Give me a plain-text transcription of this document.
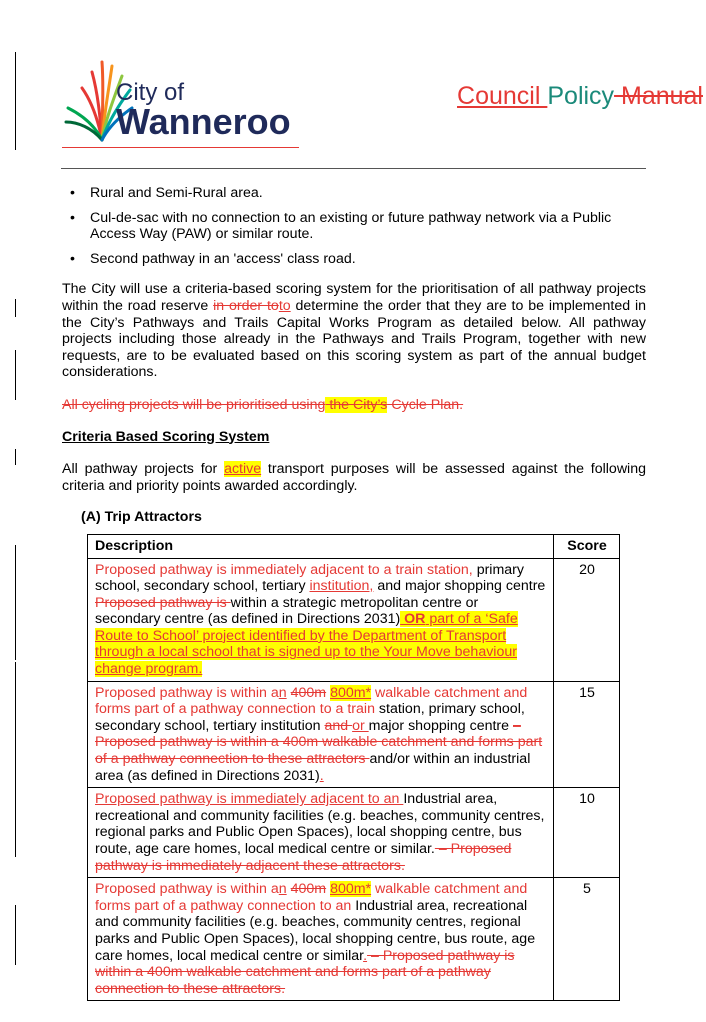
City of
Wanneroo
Council Policy Manual
• Rural and Semi-Rural area.
• Cul-de-sac with no connection to an existing or future pathway network via a Public Access Way (PAW) or similar route.
• Second pathway in an 'access' class road.

The City will use a criteria-based scoring system for the prioritisation of all pathway projects within the road reserve in order toto determine the order that they are to be implemented in the City’s Pathways and Trails Capital Works Program as detailed below. All pathway projects including those already in the Pathways and Trails Program, together with new requests, are to be evaluated based on this scoring system as part of the annual budget considerations.

All cycling projects will be prioritised using the City’s Cycle Plan.

Criteria Based Scoring System

All pathway projects for active transport purposes will be assessed against the following criteria and priority points awarded accordingly.

(A) Trip Attractors

Description	Score
Proposed pathway is immediately adjacent to a train station, primary school, secondary school, tertiary institution, and major shopping centre Proposed pathway is within a strategic metropolitan centre or secondary centre (as defined in Directions 2031) OR part of a ‘Safe Route to School’ project identified by the Department of Transport through a local school that is signed up to the Your Move behaviour change program.	20
Proposed pathway is within an 400m 800m* walkable catchment and forms part of a pathway connection to a train station, primary school, secondary school, tertiary institution and or major shopping centre – Proposed pathway is within a 400m walkable catchment and forms part of a pathway connection to these attractors and/or within an industrial area (as defined in Directions 2031).	15
Proposed pathway is immediately adjacent to an Industrial area, recreational and community facilities (e.g. beaches, community centres, regional parks and Public Open Spaces), local shopping centre, bus route, age care homes, local medical centre or similar. – Proposed pathway is immediately adjacent these attractors.	10
Proposed pathway is within an 400m 800m* walkable catchment and forms part of a pathway connection to an Industrial area, recreational and community facilities (e.g. beaches, community centres, regional parks and Public Open Spaces), local shopping centre, bus route, age care homes, local medical centre or similar. – Proposed pathway is within a 400m walkable catchment and forms part of a pathway connection to these attractors.	5
